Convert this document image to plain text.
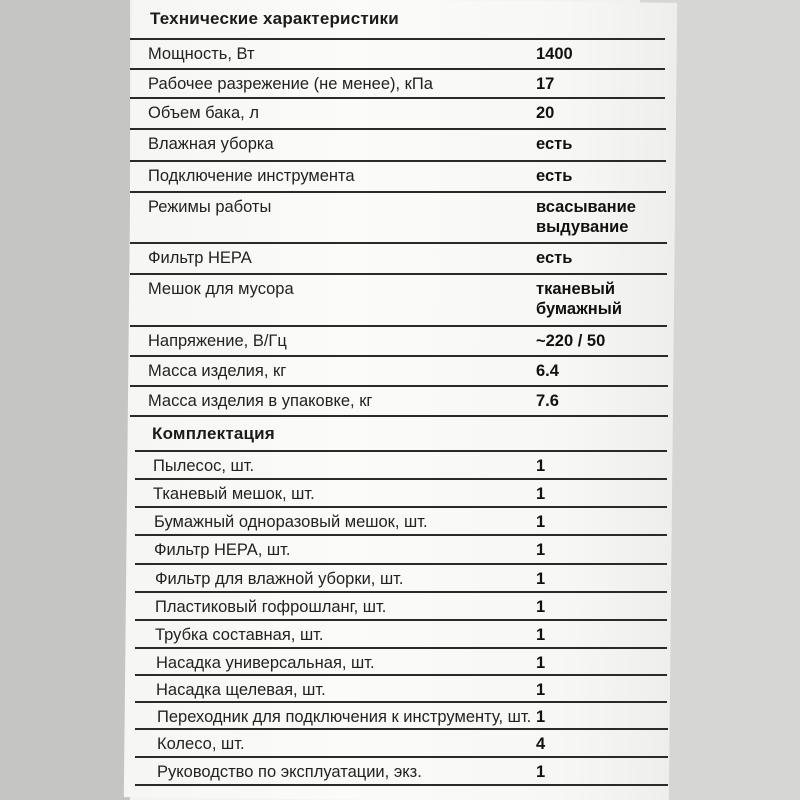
Технические характеристики
Мощность, Вт	1400
Рабочее разрежение (не менее), кПа	17
Объем бака, л	20
Влажная уборка	есть
Подключение инструмента	есть
Режимы работы	всасывание
выдувание
Фильтр HEPA	есть
Мешок для мусора	тканевый
бумажный
Напряжение, В/Гц	~220 / 50
Масса изделия, кг	6.4
Масса изделия в упаковке, кг	7.6
Комплектация
Пылесос, шт.	1
Тканевый мешок, шт.	1
Бумажный одноразовый мешок, шт.	1
Фильтр HEPA, шт.	1
Фильтр для влажной уборки, шт.	1
Пластиковый гофрошланг, шт.	1
Трубка составная, шт.	1
Насадка универсальная, шт.	1
Насадка щелевая, шт.	1
Переходник для подключения к инструменту, шт. 1
Колесо, шт.	4
Руководство по эксплуатации, экз.	1
